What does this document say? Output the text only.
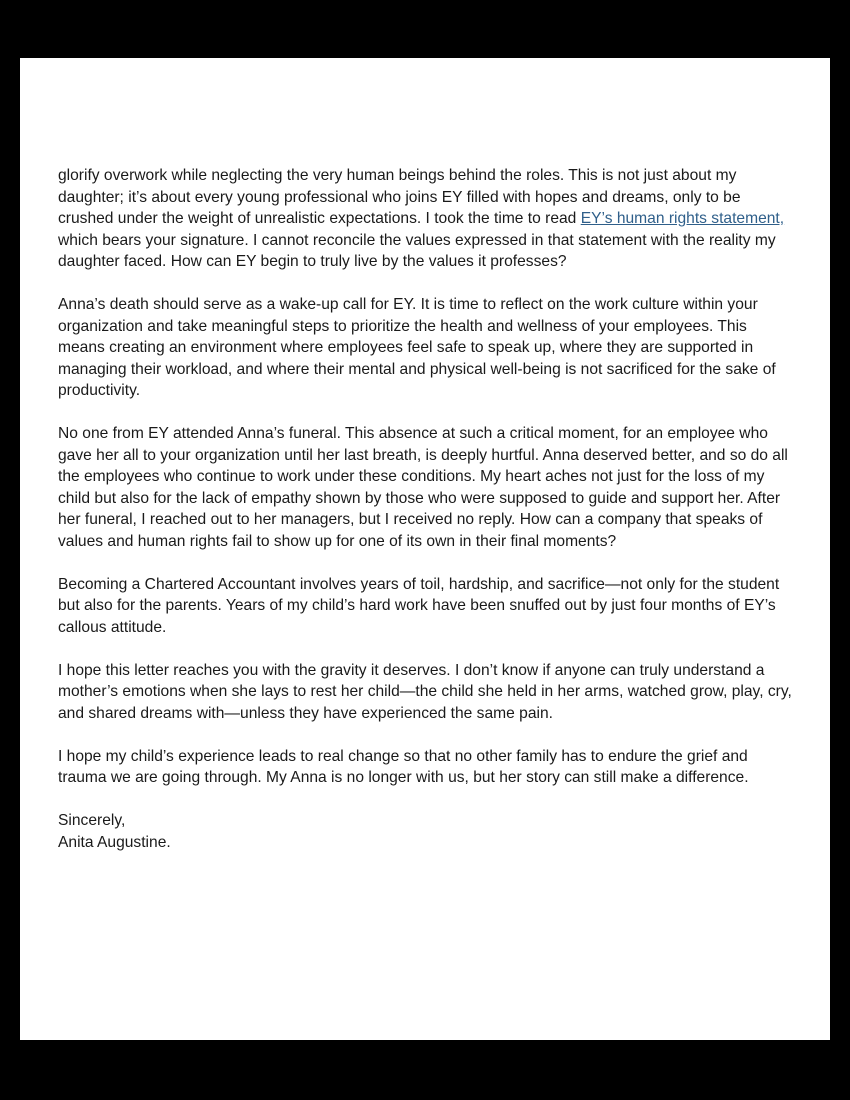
glorify overwork while neglecting the very human beings behind the roles. This is not just about my daughter; it’s about every young professional who joins EY filled with hopes and dreams, only to be crushed under the weight of unrealistic expectations. I took the time to read EY’s human rights statement, which bears your signature. I cannot reconcile the values expressed in that statement with the reality my daughter faced. How can EY begin to truly live by the values it professes?

Anna’s death should serve as a wake-up call for EY. It is time to reflect on the work culture within your organization and take meaningful steps to prioritize the health and wellness of your employees. This means creating an environment where employees feel safe to speak up, where they are supported in managing their workload, and where their mental and physical well-being is not sacrificed for the sake of productivity.

No one from EY attended Anna’s funeral. This absence at such a critical moment, for an employee who gave her all to your organization until her last breath, is deeply hurtful. Anna deserved better, and so do all the employees who continue to work under these conditions. My heart aches not just for the loss of my child but also for the lack of empathy shown by those who were supposed to guide and support her. After her funeral, I reached out to her managers, but I received no reply. How can a company that speaks of values and human rights fail to show up for one of its own in their final moments?

Becoming a Chartered Accountant involves years of toil, hardship, and sacrifice—not only for the student but also for the parents. Years of my child’s hard work have been snuffed out by just four months of EY’s callous attitude.

I hope this letter reaches you with the gravity it deserves. I don’t know if anyone can truly understand a mother’s emotions when she lays to rest her child—the child she held in her arms, watched grow, play, cry, and shared dreams with—unless they have experienced the same pain.

I hope my child’s experience leads to real change so that no other family has to endure the grief and trauma we are going through. My Anna is no longer with us, but her story can still make a difference.

Sincerely,

Anita Augustine.
